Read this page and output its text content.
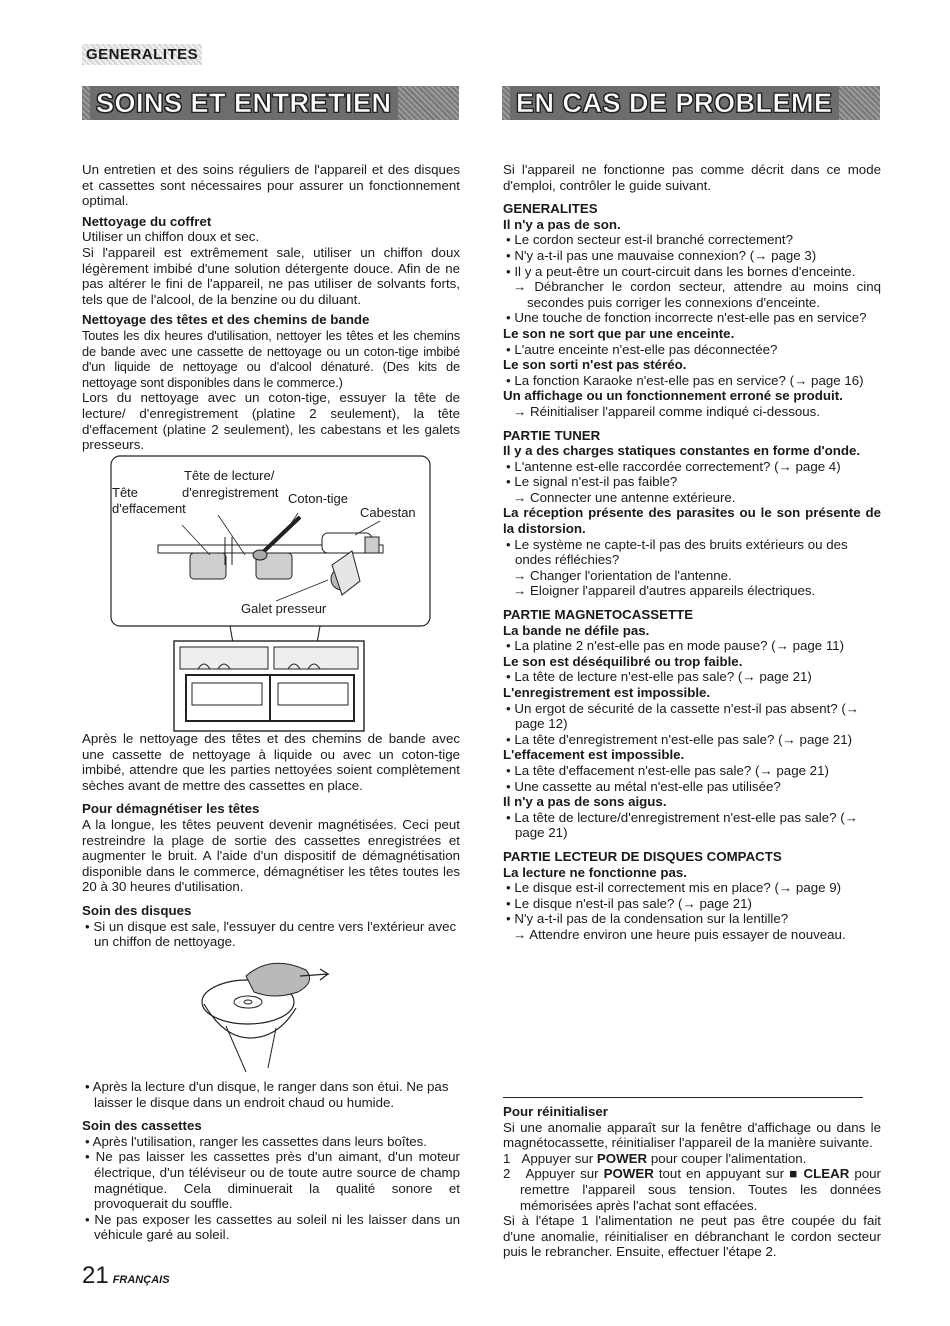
GENERALITES
SOINS ET ENTRETIEN	EN CAS DE PROBLEME

Un entretien et des soins réguliers de l'appareil et des disques et cassettes sont nécessaires pour assurer un fonctionnement optimal.

Nettoyage du coffret

Utiliser un chiffon doux et sec.

Si l'appareil est extrêmement sale, utiliser un chiffon doux légèrement imbibé d'une solution détergente douce. Afin de ne pas altérer le fini de l'appareil, ne pas utiliser de solvants forts, tels que de l'alcool, de la benzine ou du diluant.

Nettoyage des têtes et des chemins de bande

Toutes les dix heures d'utilisation, nettoyer les têtes et les chemins de bande avec une cassette de nettoyage ou un coton-tige imbibé d'un liquide de nettoyage ou d'alcool dénaturé. (Des kits de nettoyage sont disponibles dans le commerce.)

Lors du nettoyage avec un coton-tige, essuyer la tête de lecture/ d'enregistrement (platine 2 seulement), la tête d'effacement (platine 2 seulement), les cabestans et les galets presseurs.

Tête de lecture/
d'enregistrement
Tête
d'effacement
Coton-tige
Cabestan
Galet presseur

Après le nettoyage des têtes et des chemins de bande avec une cassette de nettoyage à liquide ou avec un coton-tige imbibé, attendre que les parties nettoyées soient complètement sèches avant de mettre des cassettes en place.

Pour démagnétiser les têtes

A la longue, les têtes peuvent devenir magnétisées. Ceci peut restreindre la plage de sortie des cassettes enregistrées et augmenter le bruit. A l'aide d'un dispositif de démagnétisation disponible dans le commerce, démagnétiser les têtes toutes les 20 à 30 heures d'utilisation.

Soin des disques

• Si un disque est sale, l'essuyer du centre vers l'extérieur avec un chiffon de nettoyage.

• Après la lecture d'un disque, le ranger dans son étui. Ne pas laisser le disque dans un endroit chaud ou humide.

Soin des cassettes

• Après l'utilisation, ranger les cassettes dans leurs boîtes.

• Ne pas laisser les cassettes près d'un aimant, d'un moteur électrique, d'un téléviseur ou de toute autre source de champ magnétique. Cela diminuerait la qualité sonore et provoquerait du souffle.

• Ne pas exposer les cassettes au soleil ni les laisser dans un véhicule garé au soleil.

Si l'appareil ne fonctionne pas comme décrit dans ce mode d'emploi, contrôler le guide suivant.

GENERALITES

Il n'y a pas de son.

• Le cordon secteur est-il branché correctement?

• N'y a-t-il pas une mauvaise connexion? (→ page 3)

• Il y a peut-être un court-circuit dans les bornes d'enceinte.

→ Débrancher le cordon secteur, attendre au moins cinq secondes puis corriger les connexions d'enceinte.

• Une touche de fonction incorrecte n'est-elle pas en service?

Le son ne sort que par une enceinte.

• L'autre enceinte n'est-elle pas déconnectée?

Le son sorti n'est pas stéréo.

• La fonction Karaoke n'est-elle pas en service? (→ page 16)

Un affichage ou un fonctionnement erroné se produit.

→ Réinitialiser l'appareil comme indiqué ci-dessous.

PARTIE TUNER

Il y a des charges statiques constantes en forme d'onde.

• L'antenne est-elle raccordée correctement? (→ page 4)

• Le signal n'est-il pas faible?

→ Connecter une antenne extérieure.

La réception présente des parasites ou le son présente de la distorsion.

• Le système ne capte-t-il pas des bruits extérieurs ou des ondes réfléchies?

→ Changer l'orientation de l'antenne.

→ Eloigner l'appareil d'autres appareils électriques.

PARTIE MAGNETOCASSETTE

La bande ne défile pas.

• La platine 2 n'est-elle pas en mode pause? (→ page 11)

Le son est déséquilibré ou trop faible.

• La tête de lecture n'est-elle pas sale? (→ page 21)

L'enregistrement est impossible.

• Un ergot de sécurité de la cassette n'est-il pas absent? (→ page 12)

• La tête d'enregistrement n'est-elle pas sale? (→ page 21)

L'effacement est impossible.

• La tête d'effacement n'est-elle pas sale? (→ page 21)

• Une cassette au métal n'est-elle pas utilisée?

Il n'y a pas de sons aigus.

• La tête de lecture/d'enregistrement n'est-elle pas sale? (→ page 21)

PARTIE LECTEUR DE DISQUES COMPACTS

La lecture ne fonctionne pas.

• Le disque est-il correctement mis en place? (→ page 9)

• Le disque n'est-il pas sale? (→ page 21)

• N'y a-t-il pas de la condensation sur la lentille?

→ Attendre environ une heure puis essayer de nouveau.

Pour réinitialiser

Si une anomalie apparaît sur la fenêtre d'affichage ou dans le magnétocassette, réinitialiser l'appareil de la manière suivante.

1 Appuyer sur POWER pour couper l'alimentation.

2 Appuyer sur POWER tout en appuyant sur ■ CLEAR pour remettre l'appareil sous tension. Toutes les données mémorisées après l'achat sont effacées.

Si à l'étape 1 l'alimentation ne peut pas être coupée du fait d'une anomalie, réinitialiser en débranchant le cordon secteur puis le rebrancher. Ensuite, effectuer l'étape 2.

21 FRANÇAIS
